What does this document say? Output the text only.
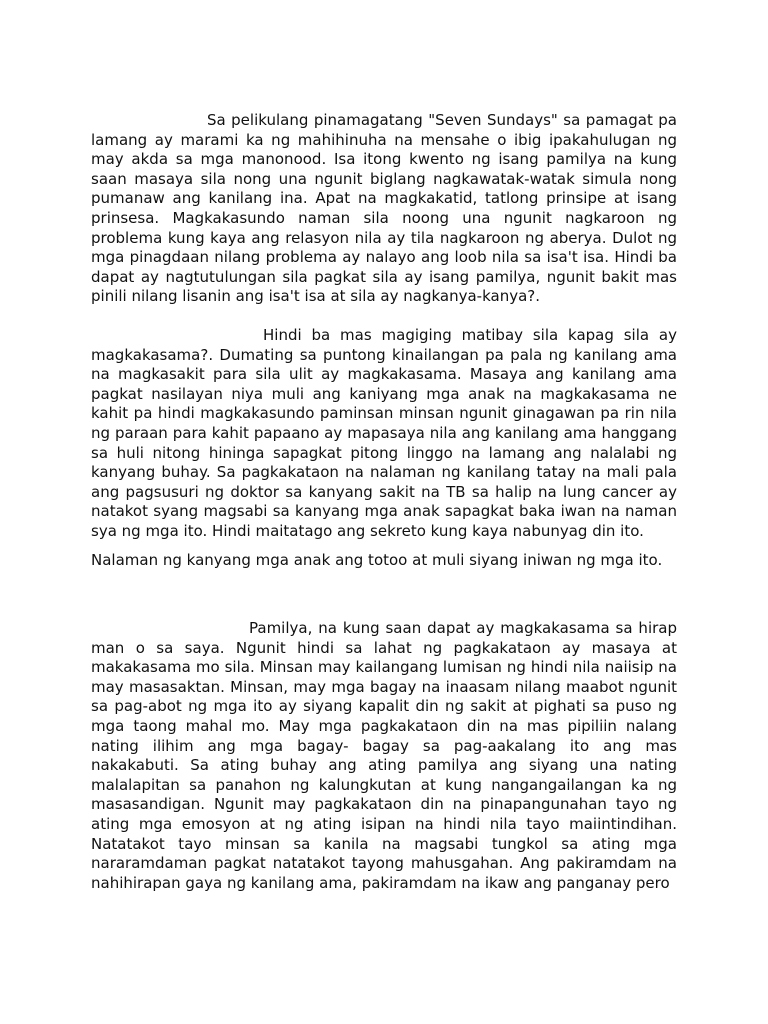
Sa pelikulang pinamagatang "Seven Sundays" sa pamagat pa lamang ay marami ka ng mahihinuha na mensahe o ibig ipakahulugan ng may akda sa mga manonood. Isa itong kwento ng isang pamilya na kung saan masaya sila nong una ngunit biglang nagkawatak-watak simula nong pumanaw ang kanilang ina. Apat na magkakatid, tatlong prinsipe at isang prinsesa. Magkakasundo naman sila noong una ngunit nagkaroon ng problema kung kaya ang relasyon nila ay tila nagkaroon ng aberya. Dulot ng mga pinagdaan nilang problema ay nalayo ang loob nila sa isa't isa. Hindi ba dapat ay nagtutulungan sila pagkat sila ay isang pamilya, ngunit bakit mas pinili nilang lisanin ang isa't isa at sila ay nagkanya-kanya?.

Hindi ba mas magiging matibay sila kapag sila ay magkakasama?. Dumating sa puntong kinailangan pa pala ng kanilang ama na magkasakit para sila ulit ay magkakasama. Masaya ang kanilang ama pagkat nasilayan niya muli ang kaniyang mga anak na magkakasama ne kahit pa hindi magkakasundo paminsan minsan ngunit ginagawan pa rin nila ng paraan para kahit papaano ay mapasaya nila ang kanilang ama hanggang sa huli nitong hininga sapagkat pitong linggo na lamang ang nalalabi ng kanyang buhay. Sa pagkakataon na nalaman ng kanilang tatay na mali pala ang pagsusuri ng doktor sa kanyang sakit na TB sa halip na lung cancer ay natakot syang magsabi sa kanyang mga anak sapagkat baka iwan na naman sya ng mga ito. Hindi maitatago ang sekreto kung kaya nabunyag din ito.

Nalaman ng kanyang mga anak ang totoo at muli siyang iniwan ng mga ito.

Pamilya, na kung saan dapat ay magkakasama sa hirap man o sa saya. Ngunit hindi sa lahat ng pagkakataon ay masaya at makakasama mo sila. Minsan may kailangang lumisan ng hindi nila naiisip na may masasaktan. Minsan, may mga bagay na inaasam nilang maabot ngunit sa pag-abot ng mga ito ay siyang kapalit din ng sakit at pighati sa puso ng mga taong mahal mo. May mga pagkakataon din na mas pipiliin nalang nating ilihim ang mga bagay- bagay sa pag-aakalang ito ang mas nakakabuti. Sa ating buhay ang ating pamilya ang siyang una nating malalapitan sa panahon ng kalungkutan at kung nangangailangan ka ng masasandigan. Ngunit may pagkakataon din na pinapangunahan tayo ng ating mga emosyon at ng ating isipan na hindi nila tayo maiintindihan. Natatakot tayo minsan sa kanila na magsabi tungkol sa ating mga nararamdaman pagkat natatakot tayong mahusgahan. Ang pakiramdam na nahihirapan gaya ng kanilang ama, pakiramdam na ikaw ang panganay pero
